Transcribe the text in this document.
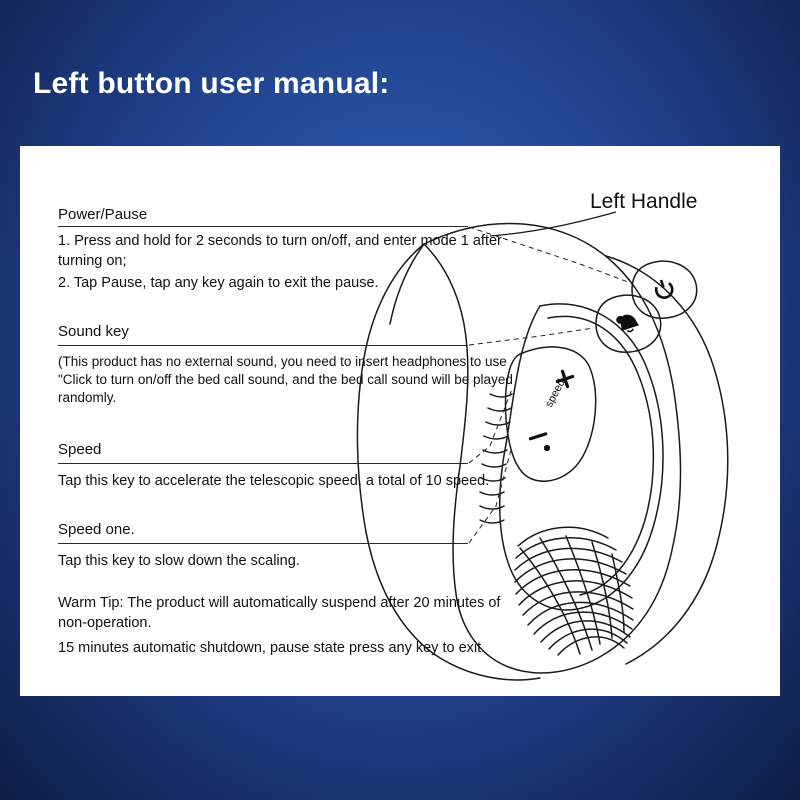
Left button user manual:
speed
Left Handle
Power/Pause
1. Press and hold for 2 seconds to turn on/off, and enter mode 1 after turning on;
2. Tap Pause, tap any key again to exit the pause.
Sound key
(This product has no external sound, you need to insert headphones to use "Click to turn on/off the bed call sound, and the bed call sound will be played randomly.
Speed
Tap this key to accelerate the telescopic speed, a total of 10 speed.
Speed one.
Tap this key to slow down the scaling.
Warm Tip: The product will automatically suspend after 20 minutes of non-operation.
15 minutes automatic shutdown, pause state press any key to exit.
